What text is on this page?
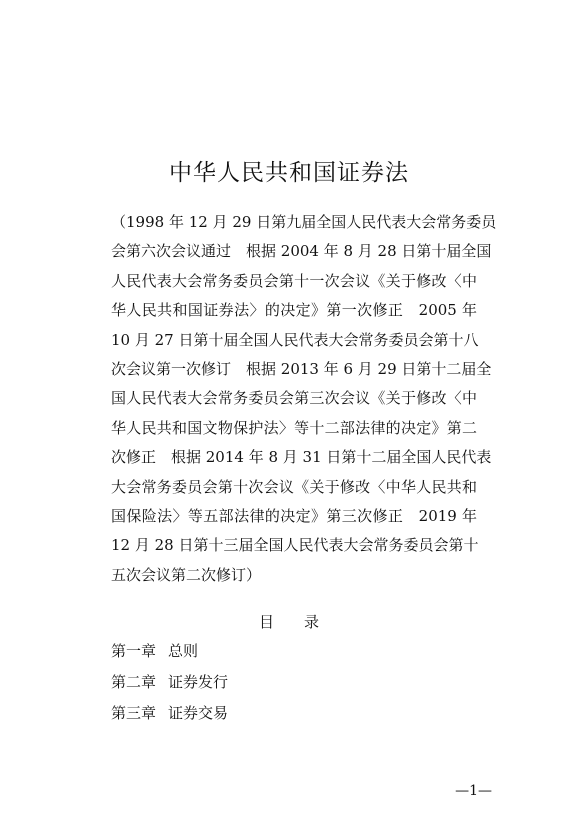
中华人民共和国证券法
（1998 年 12 月 29 日第九届全国人民代表大会常务委员
会第六次会议通过　根据 2004 年 8 月 28 日第十届全国
人民代表大会常务委员会第十一次会议《关于修改〈中
华人民共和国证券法〉的决定》第一次修正　2005 年
10 月 27 日第十届全国人民代表大会常务委员会第十八
次会议第一次修订　根据 2013 年 6 月 29 日第十二届全
国人民代表大会常务委员会第三次会议《关于修改〈中
华人民共和国文物保护法〉等十二部法律的决定》第二
次修正　根据 2014 年 8 月 31 日第十二届全国人民代表
大会常务委员会第十次会议《关于修改〈中华人民共和
国保险法〉等五部法律的决定》第三次修正　2019 年
12 月 28 日第十三届全国人民代表大会常务委员会第十
五次会议第二次修订）
目录
第一章 总则
第二章 证券发行
第三章 证券交易
—1—
